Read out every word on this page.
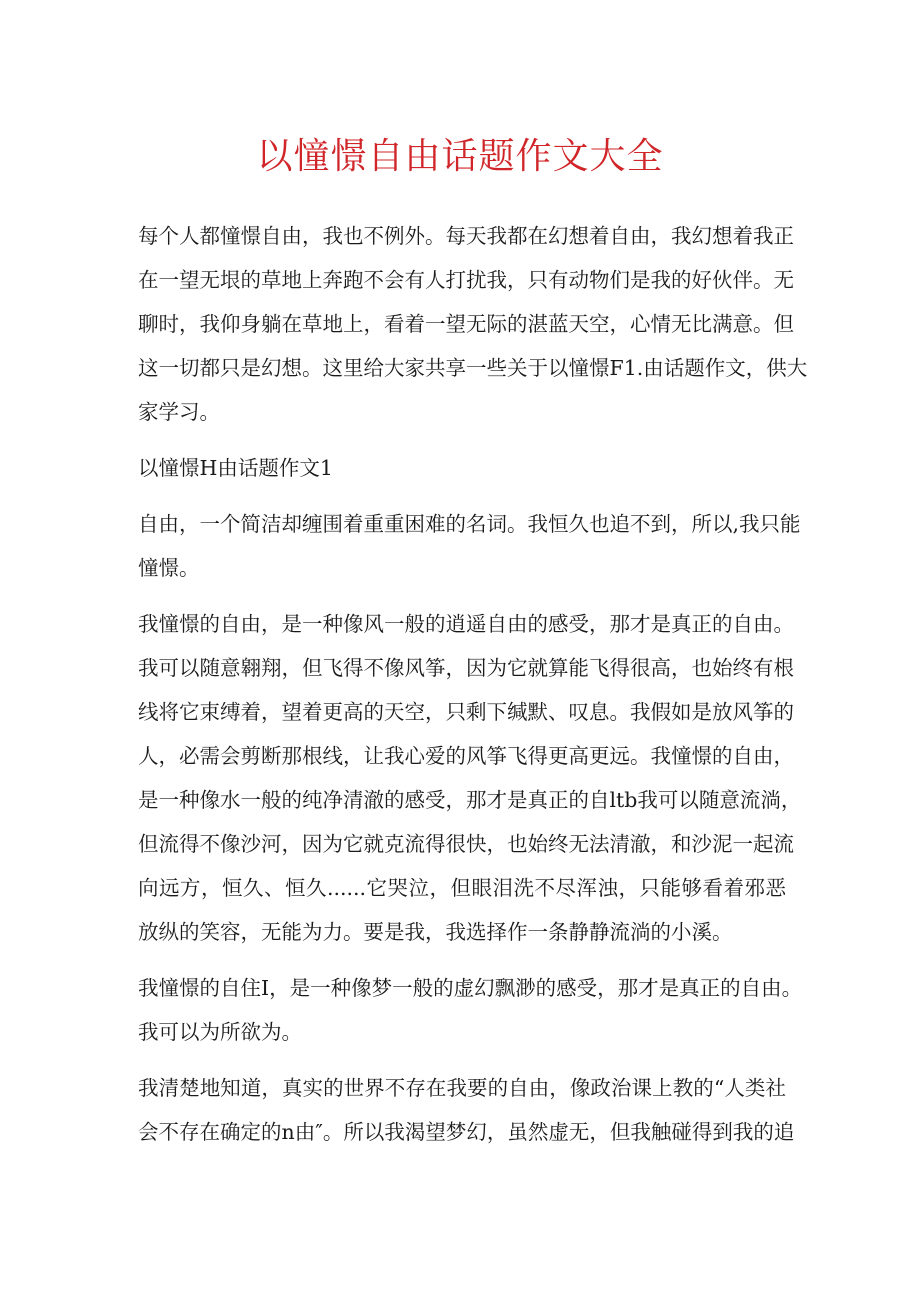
以憧憬自由话题作文大全
每个人都憧憬自由，我也不例外。每天我都在幻想着自由，我幻想着我正
在一望无垠的草地上奔跑不会有人打扰我，只有动物们是我的好伙伴。无
聊时，我仰身躺在草地上，看着一望无际的湛蓝天空，心情无比满意。但
这一切都只是幻想。这里给大家共享一些关于以憧憬F1.由话题作文，供大
家学习。
以憧憬H由话题作文1
自由，一个简洁却缠围着重重困难的名词。我恒久也追不到，所以,我只能
憧憬。
我憧憬的自由，是一种像风一般的逍遥自由的感受，那才是真正的自由。
我可以随意翱翔，但飞得不像风筝，因为它就算能飞得很高，也始终有根
线将它束缚着，望着更高的天空，只剩下缄默、叹息。我假如是放风筝的
人，必需会剪断那根线，让我心爱的风筝飞得更高更远。我憧憬的自由，
是一种像水一般的纯净清澈的感受，那才是真正的自ltb我可以随意流淌，
但流得不像沙河，因为它就克流得很快，也始终无法清澈，和沙泥一起流
向远方，恒久、恒久......它哭泣，但眼泪洗不尽浑浊，只能够看着邪恶
放纵的笑容，无能为力。要是我，我选择作一条静静流淌的小溪。
我憧憬的自住I，是一种像梦一般的虚幻飘渺的感受，那才是真正的自由。
我可以为所欲为。
我清楚地知道，真实的世界不存在我要的自由，像政治课上教的“人类社
会不存在确定的n由″。所以我渴望梦幻，虽然虚无，但我触碰得到我的追
